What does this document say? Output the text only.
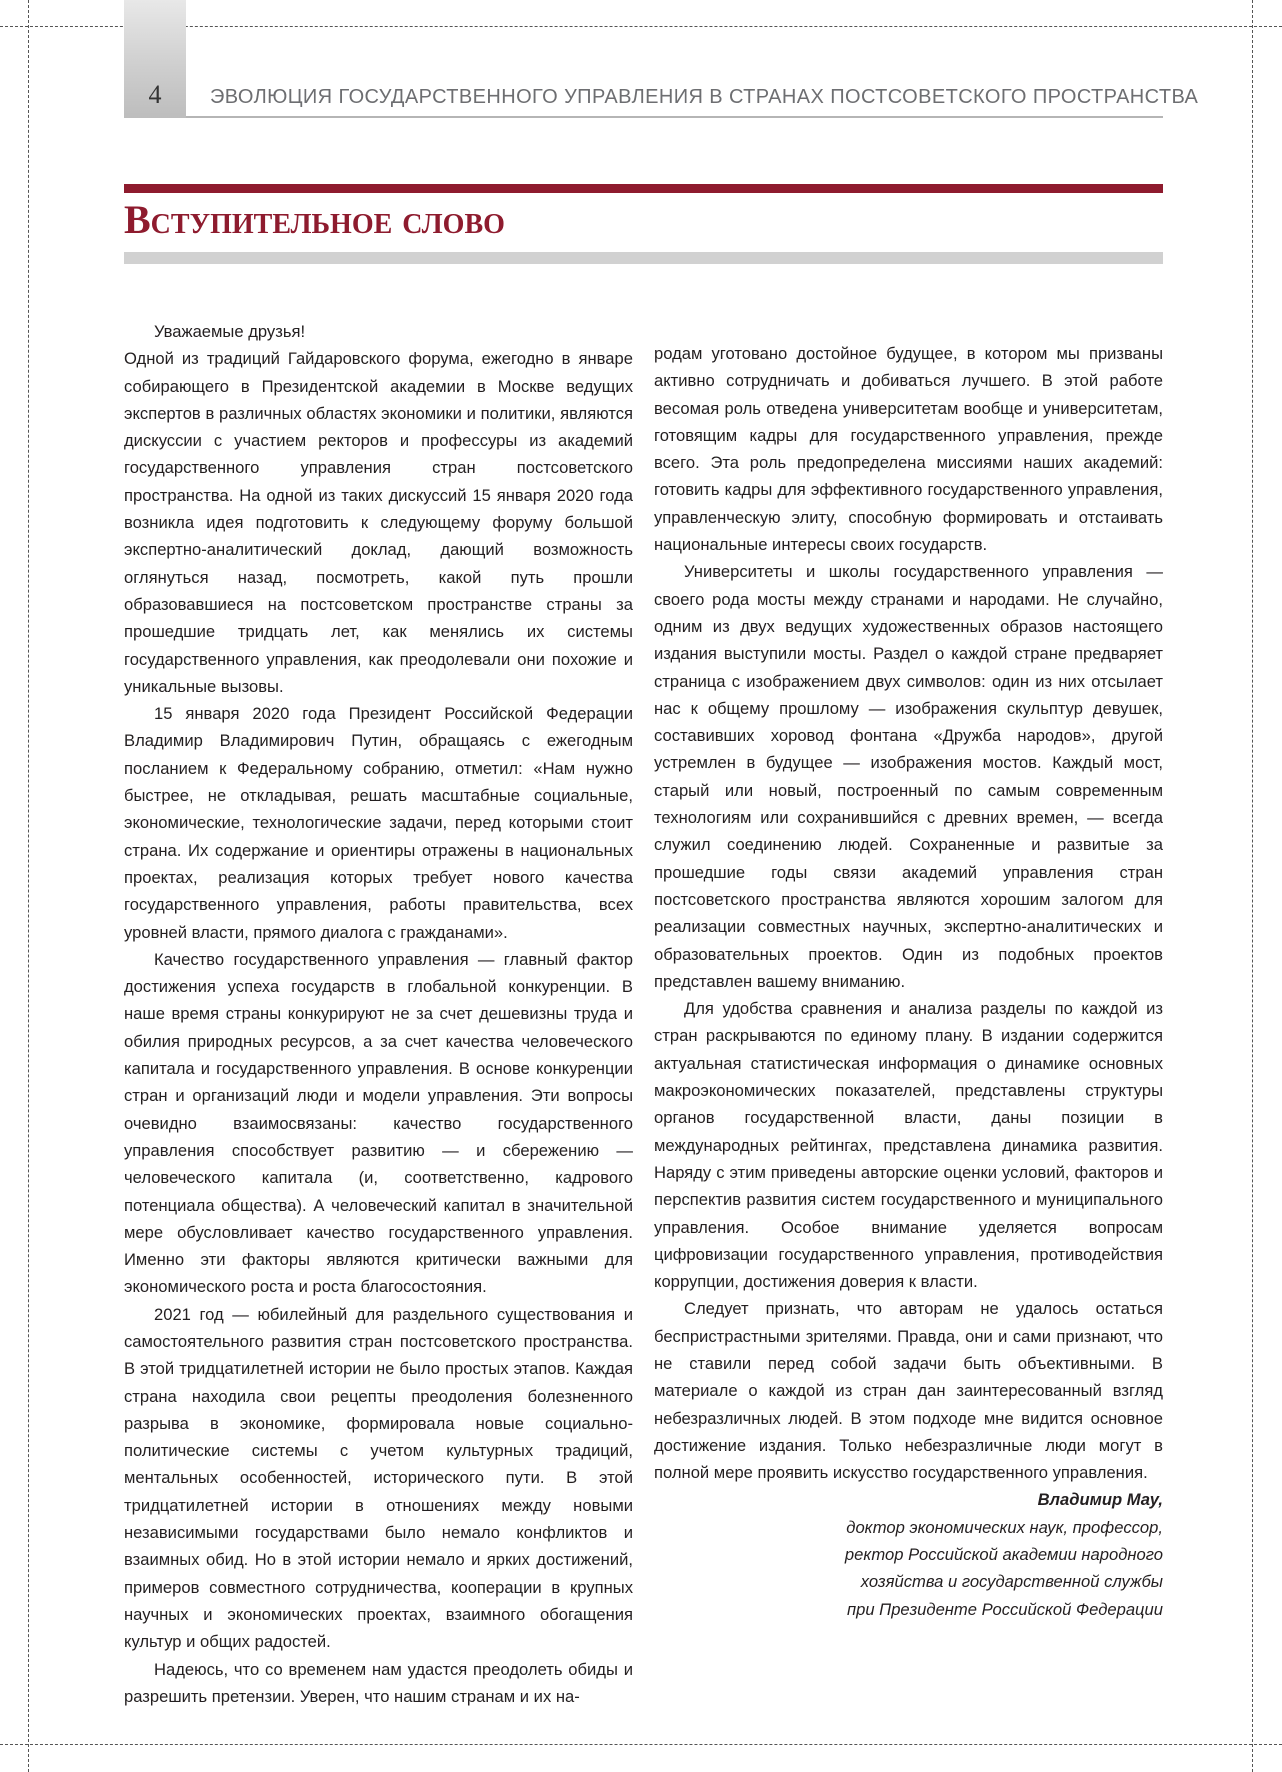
4	ЭВОЛЮЦИЯ ГОСУДАРСТВЕННОГО УПРАВЛЕНИЯ В СТРАНАХ ПОСТСОВЕТСКОГО ПРОСТРАНСТВА
Вступительное слово

Уважаемые друзья!

Одной из традиций Гайдаровского форума, ежегодно в январе собирающего в Президентской академии в Москве ведущих экспертов в различных областях экономики и политики, являются дискуссии с участием ректоров и профессуры из академий государственного управления стран постсоветского пространства. На одной из таких дискуссий 15 января 2020 года возникла идея подготовить к следующему форуму большой экспертно-аналитический доклад, дающий возможность оглянуться назад, посмотреть, какой путь прошли образовавшиеся на постсоветском пространстве страны за прошедшие тридцать лет, как менялись их системы государственного управления, как преодолевали они похожие и уникальные вызовы.

15 января 2020 года Президент Российской Федерации Владимир Владимирович Путин, обращаясь с ежегодным посланием к Федеральному собранию, отметил: «Нам нужно быстрее, не откладывая, решать масштабные социальные, экономические, технологические задачи, перед которыми стоит страна. Их содержание и ориентиры отражены в национальных проектах, реализация которых требует нового качества государственного управления, работы правительства, всех уровней власти, прямого диалога с гражданами».

Качество государственного управления — главный фактор достижения успеха государств в глобальной конкуренции. В наше время страны конкурируют не за счет дешевизны труда и обилия природных ресурсов, а за счет качества человеческого капитала и государственного управления. В основе конкуренции стран и организаций люди и модели управления. Эти вопросы очевидно взаимосвязаны: качество государственного управления способствует развитию — и сбережению — человеческого капитала (и, соответственно, кадрового потенциала общества). А человеческий капитал в значительной мере обусловливает качество государственного управления. Именно эти факторы являются критически важными для экономического роста и роста благосостояния.

2021 год — юбилейный для раздельного существования и самостоятельного развития стран постсоветского пространства. В этой тридцатилетней истории не было простых этапов. Каждая страна находила свои рецепты преодоления болезненного разрыва в экономике, формировала новые социально-политические системы с учетом культурных традиций, ментальных особенностей, исторического пути. В этой тридцатилетней истории в отношениях между новыми независимыми государствами было немало конфликтов и взаимных обид. Но в этой истории немало и ярких достижений, примеров совместного сотрудничества, кооперации в крупных научных и экономических проектах, взаимного обогащения культур и общих радостей.

Надеюсь, что со временем нам удастся преодолеть обиды и разрешить претензии. Уверен, что нашим странам и их на-

родам уготовано достойное будущее, в котором мы призваны активно сотрудничать и добиваться лучшего. В этой работе весомая роль отведена университетам вообще и университетам, готовящим кадры для государственного управления, прежде всего. Эта роль предопределена миссиями наших академий: готовить кадры для эффективного государственного управления, управленческую элиту, способную формировать и отстаивать национальные интересы своих государств.

Университеты и школы государственного управления — своего рода мосты между странами и народами. Не случайно, одним из двух ведущих художественных образов настоящего издания выступили мосты. Раздел о каждой стране предваряет страница с изображением двух символов: один из них отсылает нас к общему прошлому — изображения скульптур девушек, составивших хоровод фонтана «Дружба народов», другой устремлен в будущее — изображения мостов. Каждый мост, старый или новый, построенный по самым современным технологиям или сохранившийся с древних времен, — всегда служил соединению людей. Сохраненные и развитые за прошедшие годы связи академий управления стран постсоветского пространства являются хорошим залогом для реализации совместных научных, экспертно-аналитических и образовательных проектов. Один из подобных проектов представлен вашему вниманию.

Для удобства сравнения и анализа разделы по каждой из стран раскрываются по единому плану. В издании содержится актуальная статистическая информация о динамике основных макроэкономических показателей, представлены структуры органов государственной власти, даны позиции в международных рейтингах, представлена динамика развития. Наряду с этим приведены авторские оценки условий, факторов и перспектив развития систем государственного и муниципального управления. Особое внимание уделяется вопросам цифровизации государственного управления, противодействия коррупции, достижения доверия к власти.

Следует признать, что авторам не удалось остаться беспристрастными зрителями. Правда, они и сами признают, что не ставили перед собой задачи быть объективными. В материале о каждой из стран дан заинтересованный взгляд небезразличных людей. В этом подходе мне видится основное достижение издания. Только небезразличные люди могут в полной мере проявить искусство государственного управления.

Владимир Мау,
доктор экономических наук, профессор,
ректор Российской академии народного
хозяйства и государственной службы
при Президенте Российской Федерации
